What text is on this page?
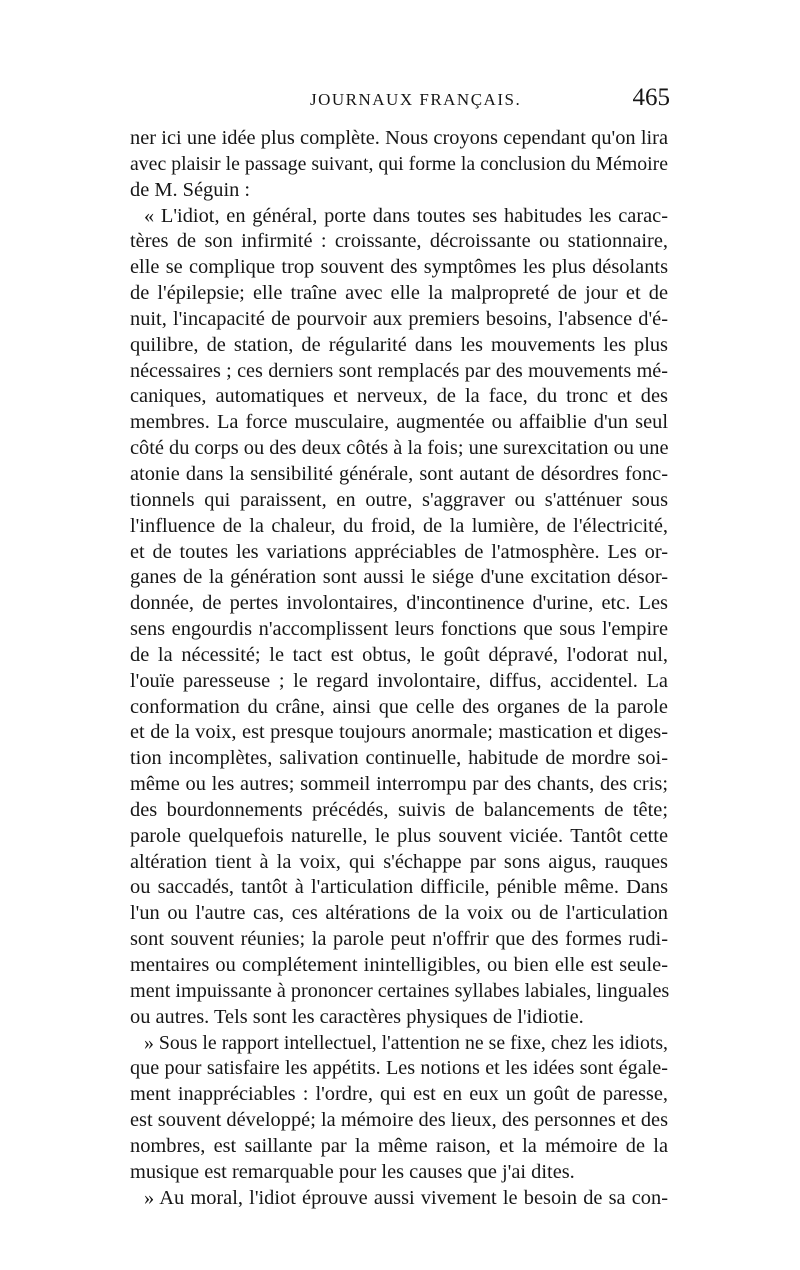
JOURNAUX FRANÇAIS.	465
ner ici une idée plus complète. Nous croyons cependant qu'on lira
avec plaisir le passage suivant, qui forme la conclusion du Mémoire
de M. Séguin :
« L'idiot, en général, porte dans toutes ses habitudes les carac-
tères de son infirmité : croissante, décroissante ou stationnaire,
elle se complique trop souvent des symptômes les plus désolants
de l'épilepsie; elle traîne avec elle la malpropreté de jour et de
nuit, l'incapacité de pourvoir aux premiers besoins, l'absence d'é-
quilibre, de station, de régularité dans les mouvements les plus
nécessaires ; ces derniers sont remplacés par des mouvements mé-
caniques, automatiques et nerveux, de la face, du tronc et des
membres. La force musculaire, augmentée ou affaiblie d'un seul
côté du corps ou des deux côtés à la fois; une surexcitation ou une
atonie dans la sensibilité générale, sont autant de désordres fonc-
tionnels qui paraissent, en outre, s'aggraver ou s'atténuer sous
l'influence de la chaleur, du froid, de la lumière, de l'électricité,
et de toutes les variations appréciables de l'atmosphère. Les or-
ganes de la génération sont aussi le siége d'une excitation désor-
donnée, de pertes involontaires, d'incontinence d'urine, etc. Les
sens engourdis n'accomplissent leurs fonctions que sous l'empire
de la nécessité; le tact est obtus, le goût dépravé, l'odorat nul,
l'ouïe paresseuse ; le regard involontaire, diffus, accidentel. La
conformation du crâne, ainsi que celle des organes de la parole
et de la voix, est presque toujours anormale; mastication et diges-
tion incomplètes, salivation continuelle, habitude de mordre soi-
même ou les autres; sommeil interrompu par des chants, des cris;
des bourdonnements précédés, suivis de balancements de tête;
parole quelquefois naturelle, le plus souvent viciée. Tantôt cette
altération tient à la voix, qui s'échappe par sons aigus, rauques
ou saccadés, tantôt à l'articulation difficile, pénible même. Dans
l'un ou l'autre cas, ces altérations de la voix ou de l'articulation
sont souvent réunies; la parole peut n'offrir que des formes rudi-
mentaires ou complétement inintelligibles, ou bien elle est seule-
ment impuissante à prononcer certaines syllabes labiales, linguales
ou autres. Tels sont les caractères physiques de l'idiotie.
» Sous le rapport intellectuel, l'attention ne se fixe, chez les idiots,
que pour satisfaire les appétits. Les notions et les idées sont égale-
ment inappréciables : l'ordre, qui est en eux un goût de paresse,
est souvent développé; la mémoire des lieux, des personnes et des
nombres, est saillante par la même raison, et la mémoire de la
musique est remarquable pour les causes que j'ai dites.
» Au moral, l'idiot éprouve aussi vivement le besoin de sa con-
